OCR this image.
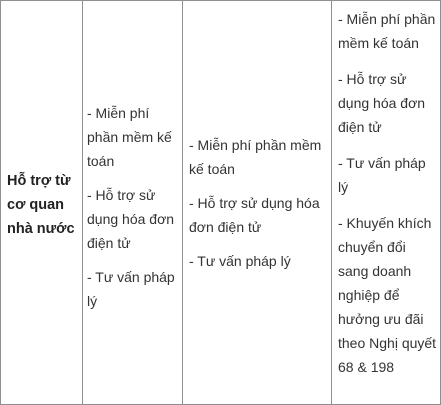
Hỗ trợ từ cơ quan nhà nước

- Miễn phí phần mềm kế toán

- Hỗ trợ sử dụng hóa đơn điện tử

- Tư vấn pháp lý

- Miễn phí phần mềm kế toán

- Hỗ trợ sử dụng hóa đơn điện tử

- Tư vấn pháp lý

- Miễn phí phần mềm kế toán

- Hỗ trợ sử dụng hóa đơn điện tử

- Tư vấn pháp lý

- Khuyến khích chuyển đổi sang doanh nghiệp để hưởng ưu đãi theo Nghị quyết 68 & 198
